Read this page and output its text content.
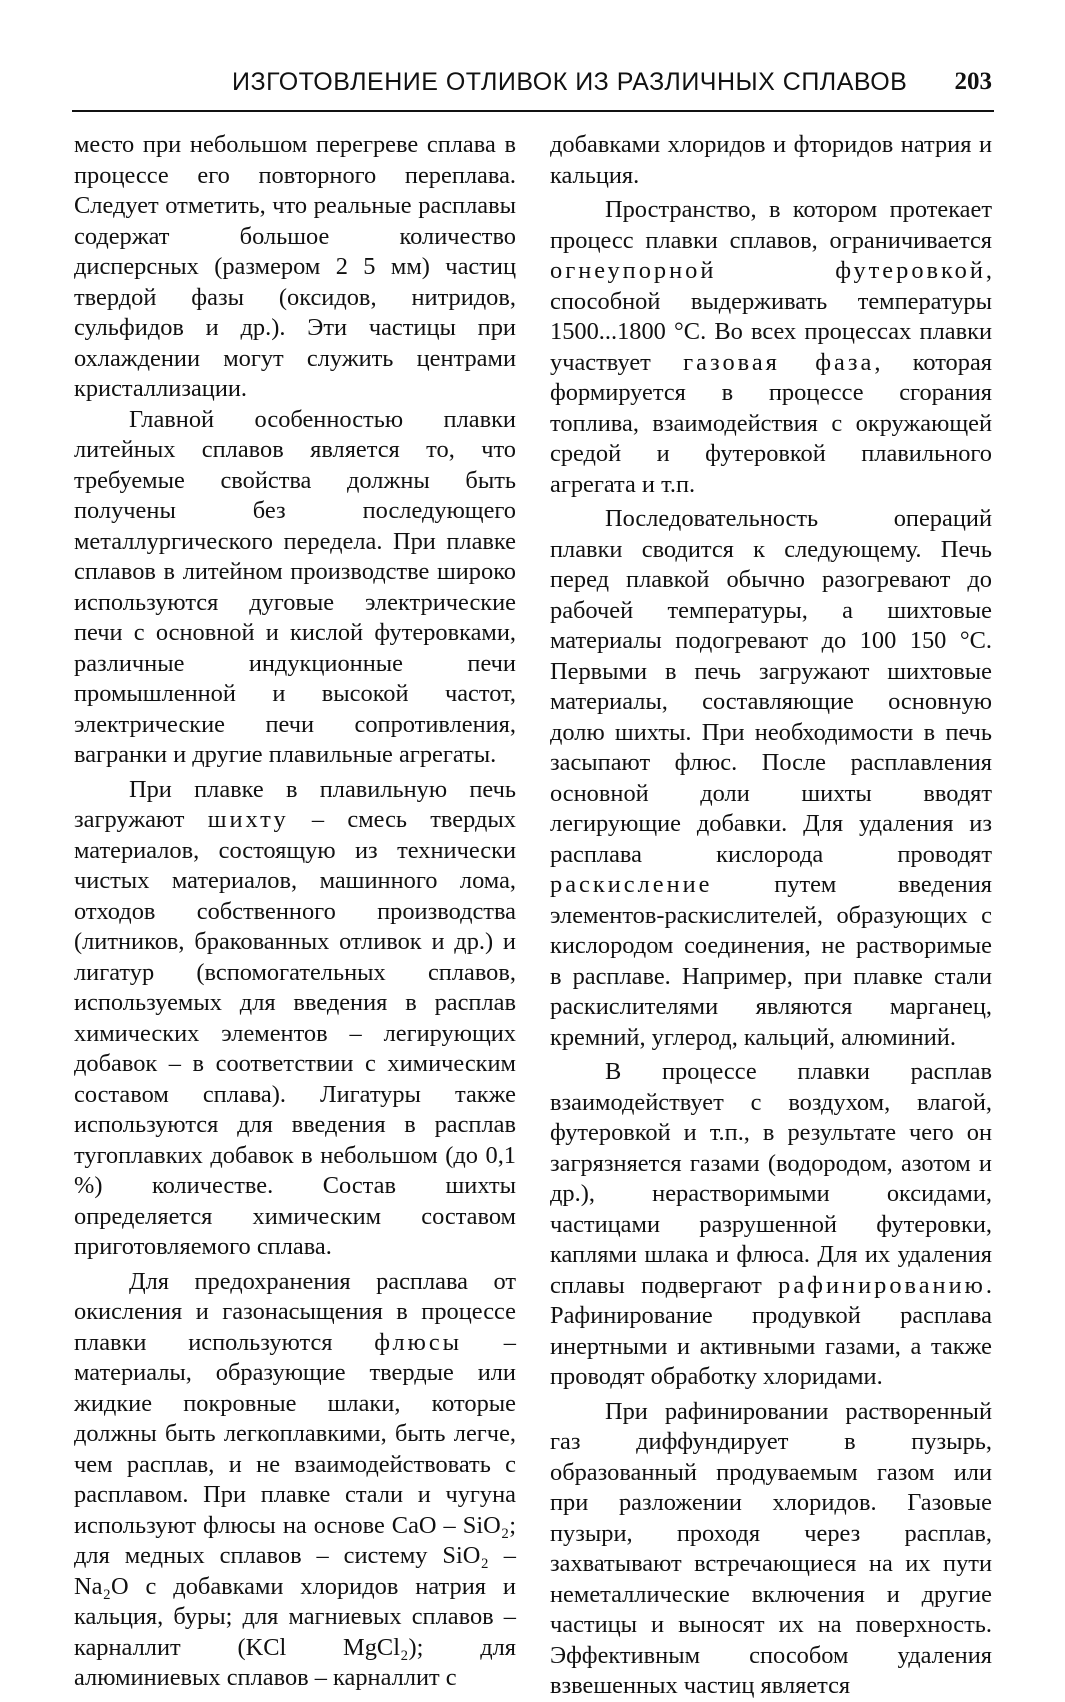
ИЗГОТОВЛЕНИЕ ОТЛИВОК ИЗ РАЗЛИЧНЫХ СПЛАВОВ 203

место при небольшом перегреве сплава в процессе его повторного переплава. Следует отметить, что реальные расплавы содержат большое количество дисперсных (размером 2 5 мм) частиц твердой фазы (оксидов, нитридов, сульфидов и др.). Эти частицы при охлаждении могут служить центрами кристаллизации.

Главной особенностью плавки литейных сплавов является то, что требуемые свойства должны быть получены без последующего металлургического передела. При плавке сплавов в литейном производстве широко используются дуговые электрические печи с основной и кислой футеровками, различные индукционные печи промышленной и высокой частот, электрические печи сопротивления, вагранки и другие плавильные агрегаты.

При плавке в плавильную печь загружают шихту – смесь твердых материалов, состоящую из технически чистых материалов, машинного лома, отходов собственного производства (литников, бракованных отливок и др.) и лигатур (вспомогательных сплавов, используемых для введения в расплав химических элементов – легирующих добавок – в соответствии с химическим составом сплава). Лигатуры также используются для введения в расплав тугоплавких добавок в небольшом (до 0,1 %) количестве. Состав шихты определяется химическим составом приготовляемого сплава.

Для предохранения расплава от окисления и газонасыщения в процессе плавки используются флюсы – материалы, образующие твердые или жидкие покровные шлаки, которые должны быть легкоплавкими, быть легче, чем расплав, и не взаимодействовать с расплавом. При плавке стали и чугуна используют флюсы на основе CaO – SiO₂; для медных сплавов – систему SiO₂ – Na₂O с добавками хлоридов натрия и кальция, буры; для магниевых сплавов – карналлит (KCl MgCl₂); для алюминиевых сплавов – карналлит с

добавками хлоридов и фторидов натрия и кальция.

Пространство, в котором протекает процесс плавки сплавов, ограничивается огнеупорной футеровкой, способной выдерживать температуры 1500...1800 °С. Во всех процессах плавки участвует газовая фаза, которая формируется в процессе сгорания топлива, взаимодействия с окружающей средой и футеровкой плавильного агрегата и т.п.

Последовательность операций плавки сводится к следующему. Печь перед плавкой обычно разогревают до рабочей температуры, а шихтовые материалы подогревают до 100 150 °С. Первыми в печь загружают шихтовые материалы, составляющие основную долю шихты. При необходимости в печь засыпают флюс. После расплавления основной доли шихты вводят легирующие добавки. Для удаления из расплава кислорода проводят раскисление путем введения элементов-раскислителей, образующих с кислородом соединения, не растворимые в расплаве. Например, при плавке стали раскислителями являются марганец, кремний, углерод, кальций, алюминий.

В процессе плавки расплав взаимодействует с воздухом, влагой, футеровкой и т.п., в результате чего он загрязняется газами (водородом, азотом и др.), нерастворимыми оксидами, частицами разрушенной футеровки, каплями шлака и флюса. Для их удаления сплавы подвергают рафинированию. Рафинирование продувкой расплава инертными и активными газами, а также проводят обработку хлоридами.

При рафинировании растворенный газ диффундирует в пузырь, образованный продуваемым газом или при разложении хлоридов. Газовые пузыри, проходя через расплав, захватывают встречающиеся на их пути неметаллические включения и другие частицы и выносят их на поверхность. Эффективным способом удаления взвешенных частиц является
